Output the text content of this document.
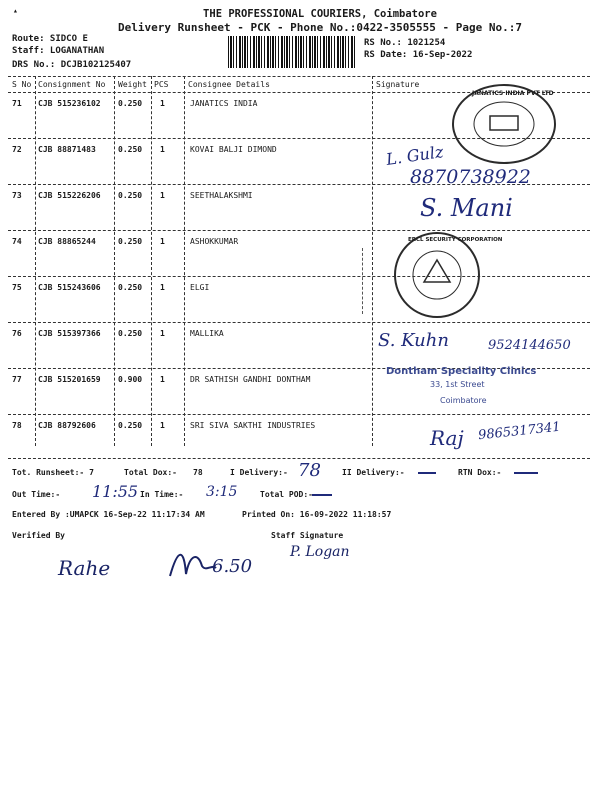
THE PROFESSIONAL COURIERS, Coimbatore
Delivery Runsheet - PCK - Phone No.:0422-3505555 - Page No.:7
Route: SIDCO E
Staff: LOGANATHAN
DRS No.: DCJB102125407
RS No.: 1021254
RS Date: 16-Sep-2022
S No Consignment No Weight PCS Consignee Details	Signature
71 CJB 515236102 0.250 1	JANATICS INDIA
72 CJB 88871483	0.250 1	KOVAI BALJI DIMOND
73 CJB 515226206 0.250 1	SEETHALAKSHMI
74 CJB 88865244	0.250 1	ASHOKKUMAR
75 CJB 515243606 0.250 1	ELGI
76 CJB 515397366 0.250 1	MALLIKA
77 CJB 515201659 0.900 1	DR SATHISH GANDHI DONTHAM
78 CJB 88792606	0.250 1	SRI SIVA SAKTHI INDUSTRIES
JANATICS INDIA PVT LTD
L. Gulz
8870738922
S. Mani
ERCL SECURITY CORPORATION
S. Kuhn	9524144650
Dontham Speciality Clinics
33, 1st Street
Coimbatore
Raj 9865317341
Tot. Runsheet:- 7	Total Dox:- 78	I Delivery:- 78	II Delivery:-	RTN Dox:-
Out Time:- 11:55 In Time:- 3:15	Total POD:-
Entered By :UMAPCK 16-Sep-22 11:17:34 AM	Printed On: 16-09-2022 11:18:57
Verified By	Staff Signature
Rahe	6.50
P. Logan
▴
